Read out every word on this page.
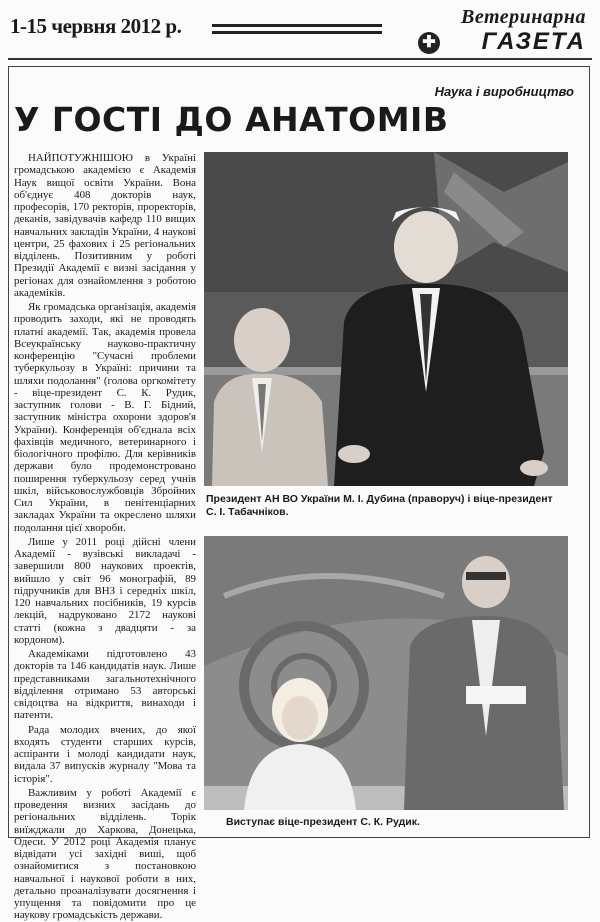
1-15 червня 2012 р.	Ветеринарна
✚ ГАЗЕТА
Наука і виробництво
У ГОСТІ ДО АНАТОМІВ

НАЙПОТУЖНІШОЮ в Україні громадською академією є Академія Наук вищої освіти України. Вона об'єднує 408 докторів наук, професорів, 170 ректорів, проректорів, деканів, завідувачів кафедр 110 вищих навчальних закладів України, 4 наукові центри, 25 фахових і 25 регіональних відділень. Позитивним у роботі Президії Академії є визні засідання у регіонах для ознайомлення з роботою академіків.

Як громадська організація, академія проводить заходи, які не проводять платні академії. Так, академія провела Всеукраїнську науково-практичну конференцію "Сучасні проблеми туберкульозу в Україні: причини та шляхи подолання" (голова оргкомітету - віце-президент С. К. Рудик, заступник голови - В. Г. Бідний, заступник міністра охорони здоров'я України). Конференція об'єднала всіх фахівців медичного, ветеринарного і біологічного профілю. Для керівників держави було продемонстровано поширення туберкульозу серед учнів шкіл, військовослужбовців Збройних Сил України, в пенітенціарних закладах України та окреслено шляхи подолання цієї хвороби.

Лише у 2011 році дійсні члени Академії - вузівські викладачі - завершили 800 наукових проектів, вийшло у світ 96 монографій, 89 підручників для ВНЗ і середніх шкіл, 120 навчальних посібників, 19 курсів лекцій, надруковано 2172 наукові статті (кожна з двадцяти - за кордоном).

Академіками підготовлено 43 докторів та 146 кандидатів наук. Лише представниками загальнотехнічного відділення отримано 53 авторські свідоцтва на відкриття, винаходи і патенти.

Рада молодих вчених, до якої входять студенти старших курсів, аспіранти і молоді кандидати наук, видала 37 випусків журналу "Мова та історія".

Важливим у роботі Академії є проведення визних засідань до регіональних відділень. Торік виїжджали до Харкова, Донецька, Одеси. У 2012 році Академія планує відвідати усі західні виші, щоб ознайомитися з постановкою навчальної і наукової роботи в них, детально проаналізувати досягнення і упущення та повідомити про це наукову громадськість держави.

Президент АН ВО України М. І. Дубина (праворуч) і віце-президент С. І. Табачніков.
Виступає віце-президент С. К. Рудик.
